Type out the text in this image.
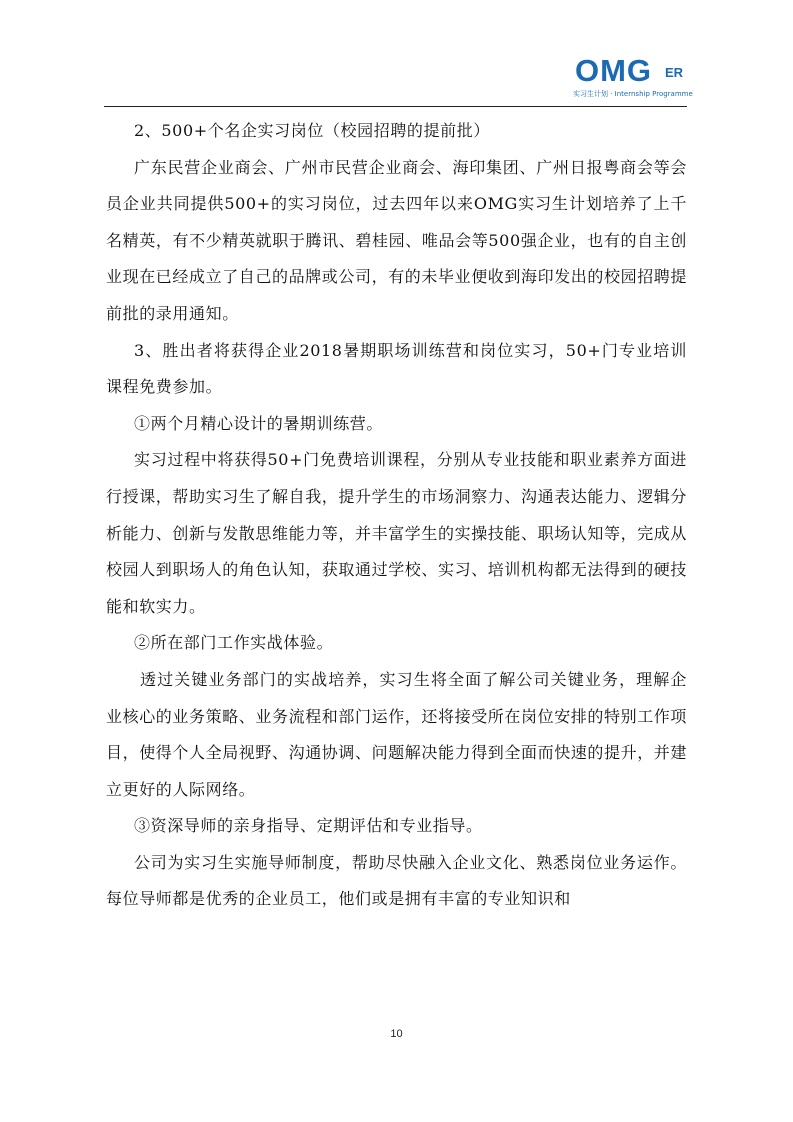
OMG ER
实习生计划 · Internship Programme

2、500+个名企实习岗位（校园招聘的提前批）

广东民营企业商会、广州市民营企业商会、海印集团、广州日报粤商会等会员企业共同提供500+的实习岗位，过去四年以来OMG实习生计划培养了上千名精英，有不少精英就职于腾讯、碧桂园、唯品会等500强企业，也有的自主创业现在已经成立了自己的品牌或公司，有的未毕业便收到海印发出的校园招聘提前批的录用通知。

3、胜出者将获得企业2018暑期职场训练营和岗位实习，50+门专业培训课程免费参加。

①两个月精心设计的暑期训练营。

实习过程中将获得50+门免费培训课程，分别从专业技能和职业素养方面进行授课，帮助实习生了解自我，提升学生的市场洞察力、沟通表达能力、逻辑分析能力、创新与发散思维能力等，并丰富学生的实操技能、职场认知等，完成从校园人到职场人的角色认知，获取通过学校、实习、培训机构都无法得到的硬技能和软实力。

②所在部门工作实战体验。

透过关键业务部门的实战培养，实习生将全面了解公司关键业务，理解企业核心的业务策略、业务流程和部门运作，还将接受所在岗位安排的特别工作项目，使得个人全局视野、沟通协调、问题解决能力得到全面而快速的提升，并建立更好的人际网络。

③资深导师的亲身指导、定期评估和专业指导。

公司为实习生实施导师制度，帮助尽快融入企业文化、熟悉岗位业务运作。每位导师都是优秀的企业员工，他们或是拥有丰富的专业知识和

10
